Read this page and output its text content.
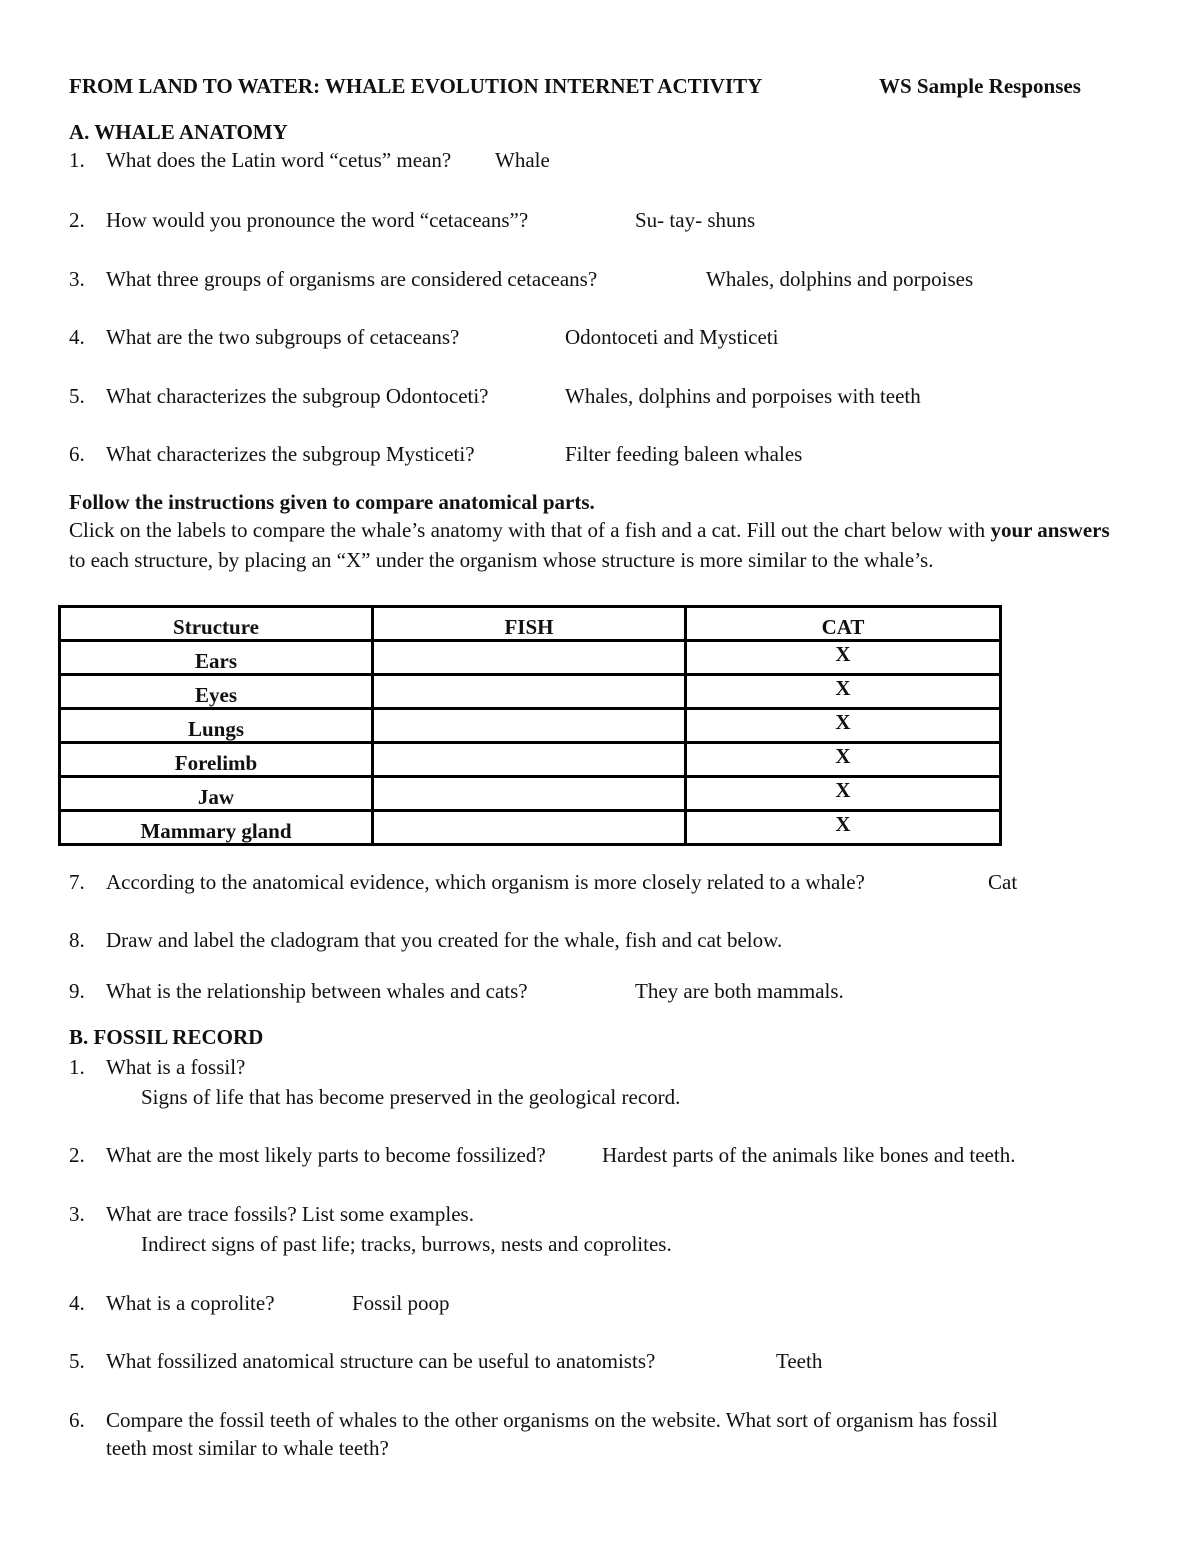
FROM LAND TO WATER: WHALE EVOLUTION INTERNET ACTIVITY	WS Sample Responses
A. WHALE ANATOMY
1.	What does the Latin word “cetus” mean? Whale
2.	How would you pronounce the word “cetaceans”?	Su- tay- shuns
3.	What three groups of organisms are considered cetaceans?	Whales, dolphins and porpoises
4.	What are the two subgroups of cetaceans?	Odontoceti and Mysticeti
5.	What characterizes the subgroup Odontoceti?	Whales, dolphins and porpoises with teeth
6.	What characterizes the subgroup Mysticeti?	Filter feeding baleen whales
Follow the instructions given to compare anatomical parts.
Click on the labels to compare the whale’s anatomy with that of a fish and a cat. Fill out the chart below with your answers to each structure, by placing an “X” under the organism whose structure is more similar to the whale’s.
Structure	FISH	CAT
Ears		X
Eyes		X
Lungs		X
Forelimb		X
Jaw		X
Mammary gland		X
7.	According to the anatomical evidence, which organism is more closely related to a whale?	Cat
8.	Draw and label the cladogram that you created for the whale, fish and cat below.
9.	What is the relationship between whales and cats?	They are both mammals.
B. FOSSIL RECORD
1.	What is a fossil?
Signs of life that has become preserved in the geological record.
2.	What are the most likely parts to become fossilized?	Hardest parts of the animals like bones and teeth.
3.	What are trace fossils? List some examples.
Indirect signs of past life; tracks, burrows, nests and coprolites.
4.	What is a coprolite?	Fossil poop
5.	What fossilized anatomical structure can be useful to anatomists?	Teeth
6.	Compare the fossil teeth of whales to the other organisms on the website. What sort of organism has fossil
teeth most similar to whale teeth?
